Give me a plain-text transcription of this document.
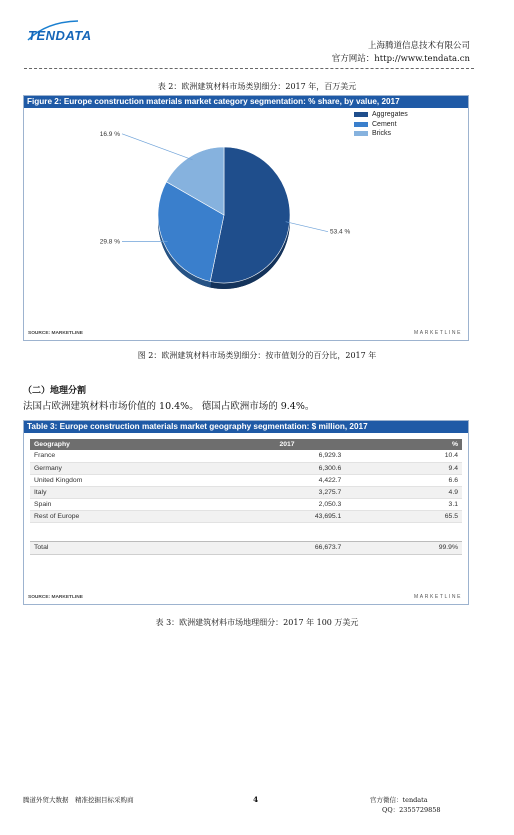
TENDATA
上海腾道信息技术有限公司
官方网站：http://www.tendata.cn
表 2：欧洲建筑材料市场类别细分：2017 年，百万美元
Figure 2: Europe construction materials market category segmentation: % share, by value, 2017
53.4 %
29.8 %
16.9 %
Aggregates
Cement
Bricks
SOURCE: MARKETLINE	MARKETLINE
图 2：欧洲建筑材料市场类别细分：按市值划分的百分比，2017 年
（二）地理分割
法国占欧洲建筑材料市场价值的 10.4%。 德国占欧洲市场的 9.4%。
Table 3: Europe construction materials market geography segmentation: $ million, 2017
Geography	2017	%
France	6,929.3	10.4
Germany	6,300.6	9.4
United Kingdom	4,422.7	6.6
Italy	3,275.7	4.9
Spain	2,050.3	3.1
Rest of Europe	43,695.1	65.5

Total	66,673.7	99.9%
SOURCE: MARKETLINE	MARKETLINE
表 3：欧洲建筑材料市场地理细分：2017 年 100 万美元
腾道外贸大数据　精准挖掘目标采购商	4	官方微信：tendata
QQ：2355729858
